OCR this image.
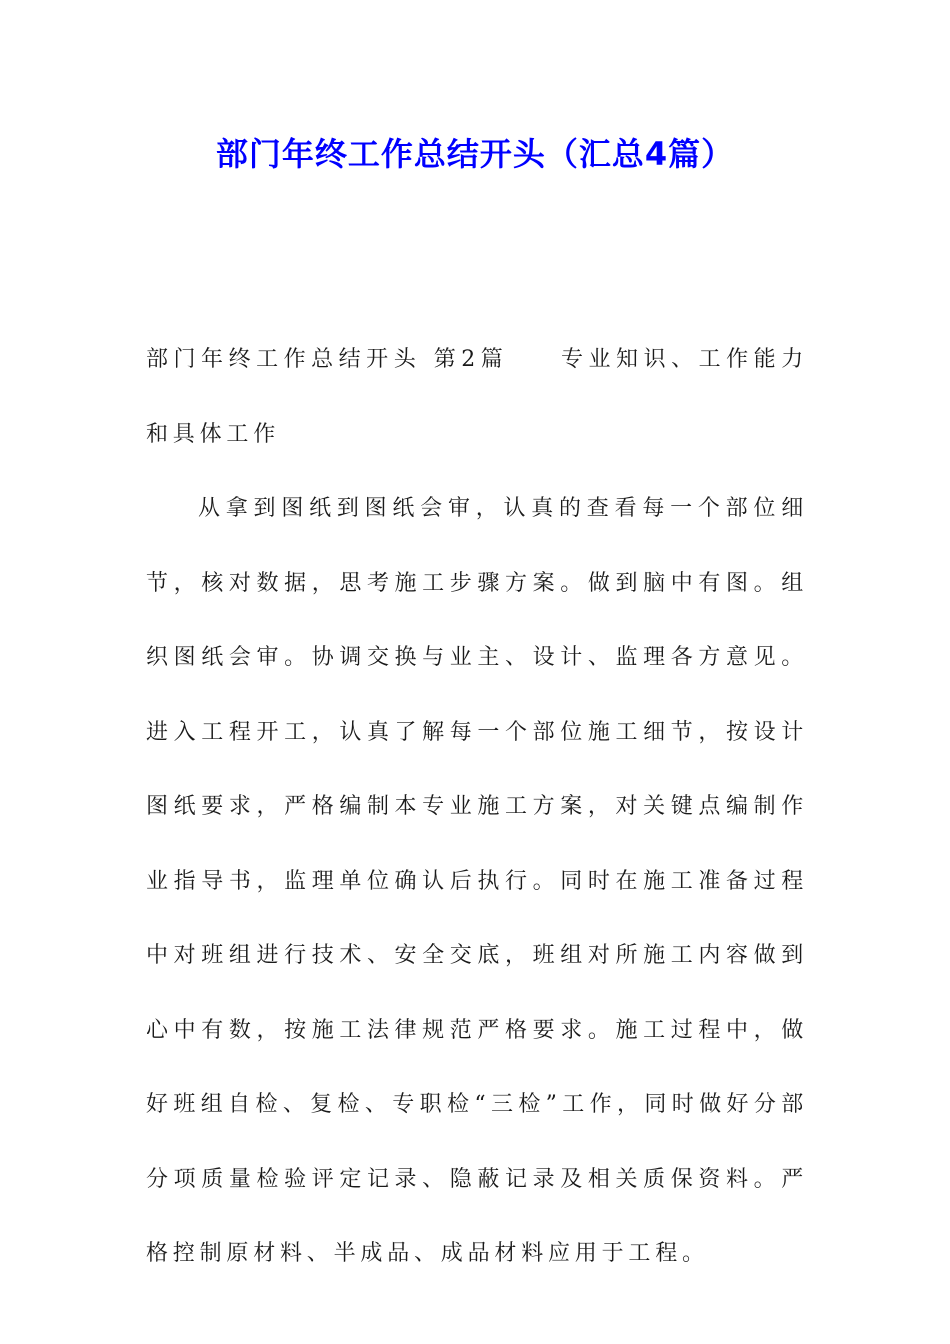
部门年终工作总结开头（汇总4篇）
部门年终工作总结开头 第2篇 专业知识、工作能力和具体工作
从拿到图纸到图纸会审，认真的查看每一个部位细节，核对数据，思考施工步骤方案。做到脑中有图。组织图纸会审。协调交换与业主、设计、监理各方意见。进入工程开工，认真了解每一个部位施工细节，按设计图纸要求，严格编制本专业施工方案，对关键点编制作业指导书，监理单位确认后执行。同时在施工准备过程中对班组进行技术、安全交底，班组对所施工内容做到心中有数，按施工法律规范严格要求。施工过程中，做好班组自检、复检、专职检“三检”工作，同时做好分部分项质量检验评定记录、隐蔽记录及相关质保资料。严格控制原材料、半成品、成品材料应用于工程。
